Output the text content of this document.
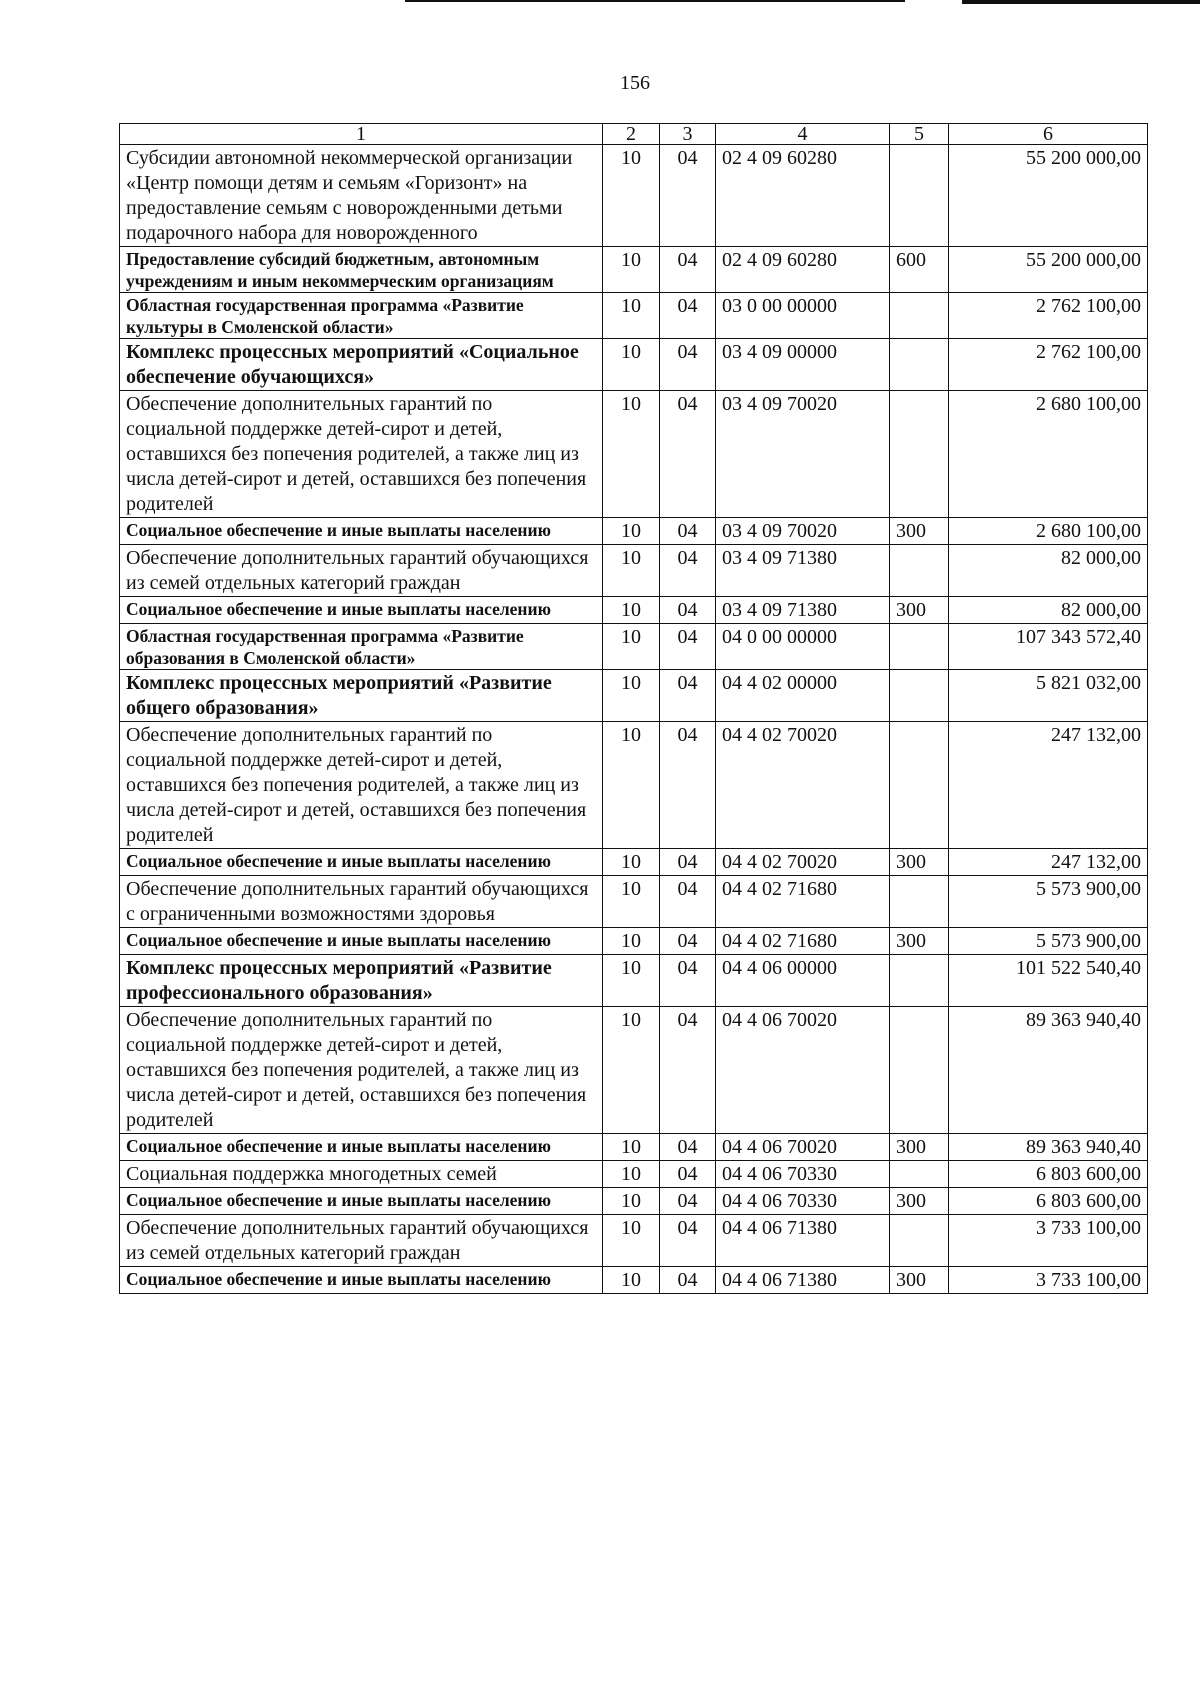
156
1	2	3	4	5	6
Субсидии автономной некоммерческой организации «Центр помощи детям и семьям «Горизонт» на предоставление семьям с новорожденными детьми подарочного набора для новорожденного	10	04	02 4 09 60280		55 200 000,00
Предоставление субсидий бюджетным, автономным учреждениям и иным некоммерческим организациям	10	04	02 4 09 60280	600	55 200 000,00
Областная государственная программа «Развитие культуры в Смоленской области»	10	04	03 0 00 00000		2 762 100,00
Комплекс процессных мероприятий «Социальное обеспечение обучающихся»	10	04	03 4 09 00000		2 762 100,00
Обеспечение дополнительных гарантий по социальной поддержке детей-сирот и детей, оставшихся без попечения родителей, а также лиц из числа детей-сирот и детей, оставшихся без попечения родителей	10	04	03 4 09 70020		2 680 100,00
Социальное обеспечение и иные выплаты населению	10	04	03 4 09 70020	300	2 680 100,00
Обеспечение дополнительных гарантий обучающихся из семей отдельных категорий граждан	10	04	03 4 09 71380		82 000,00
Социальное обеспечение и иные выплаты населению	10	04	03 4 09 71380	300	82 000,00
Областная государственная программа «Развитие образования в Смоленской области»	10	04	04 0 00 00000		107 343 572,40
Комплекс процессных мероприятий «Развитие общего образования»	10	04	04 4 02 00000		5 821 032,00
Обеспечение дополнительных гарантий по социальной поддержке детей-сирот и детей, оставшихся без попечения родителей, а также лиц из числа детей-сирот и детей, оставшихся без попечения родителей	10	04	04 4 02 70020		247 132,00
Социальное обеспечение и иные выплаты населению	10	04	04 4 02 70020	300	247 132,00
Обеспечение дополнительных гарантий обучающихся с ограниченными возможностями здоровья	10	04	04 4 02 71680		5 573 900,00
Социальное обеспечение и иные выплаты населению	10	04	04 4 02 71680	300	5 573 900,00
Комплекс процессных мероприятий «Развитие профессионального образования»	10	04	04 4 06 00000		101 522 540,40
Обеспечение дополнительных гарантий по социальной поддержке детей-сирот и детей, оставшихся без попечения родителей, а также лиц из числа детей-сирот и детей, оставшихся без попечения родителей	10	04	04 4 06 70020		89 363 940,40
Социальное обеспечение и иные выплаты населению	10	04	04 4 06 70020	300	89 363 940,40
Социальная поддержка многодетных семей	10	04	04 4 06 70330		6 803 600,00
Социальное обеспечение и иные выплаты населению	10	04	04 4 06 70330	300	6 803 600,00
Обеспечение дополнительных гарантий обучающихся из семей отдельных категорий граждан	10	04	04 4 06 71380		3 733 100,00
Социальное обеспечение и иные выплаты населению	10	04	04 4 06 71380	300	3 733 100,00
